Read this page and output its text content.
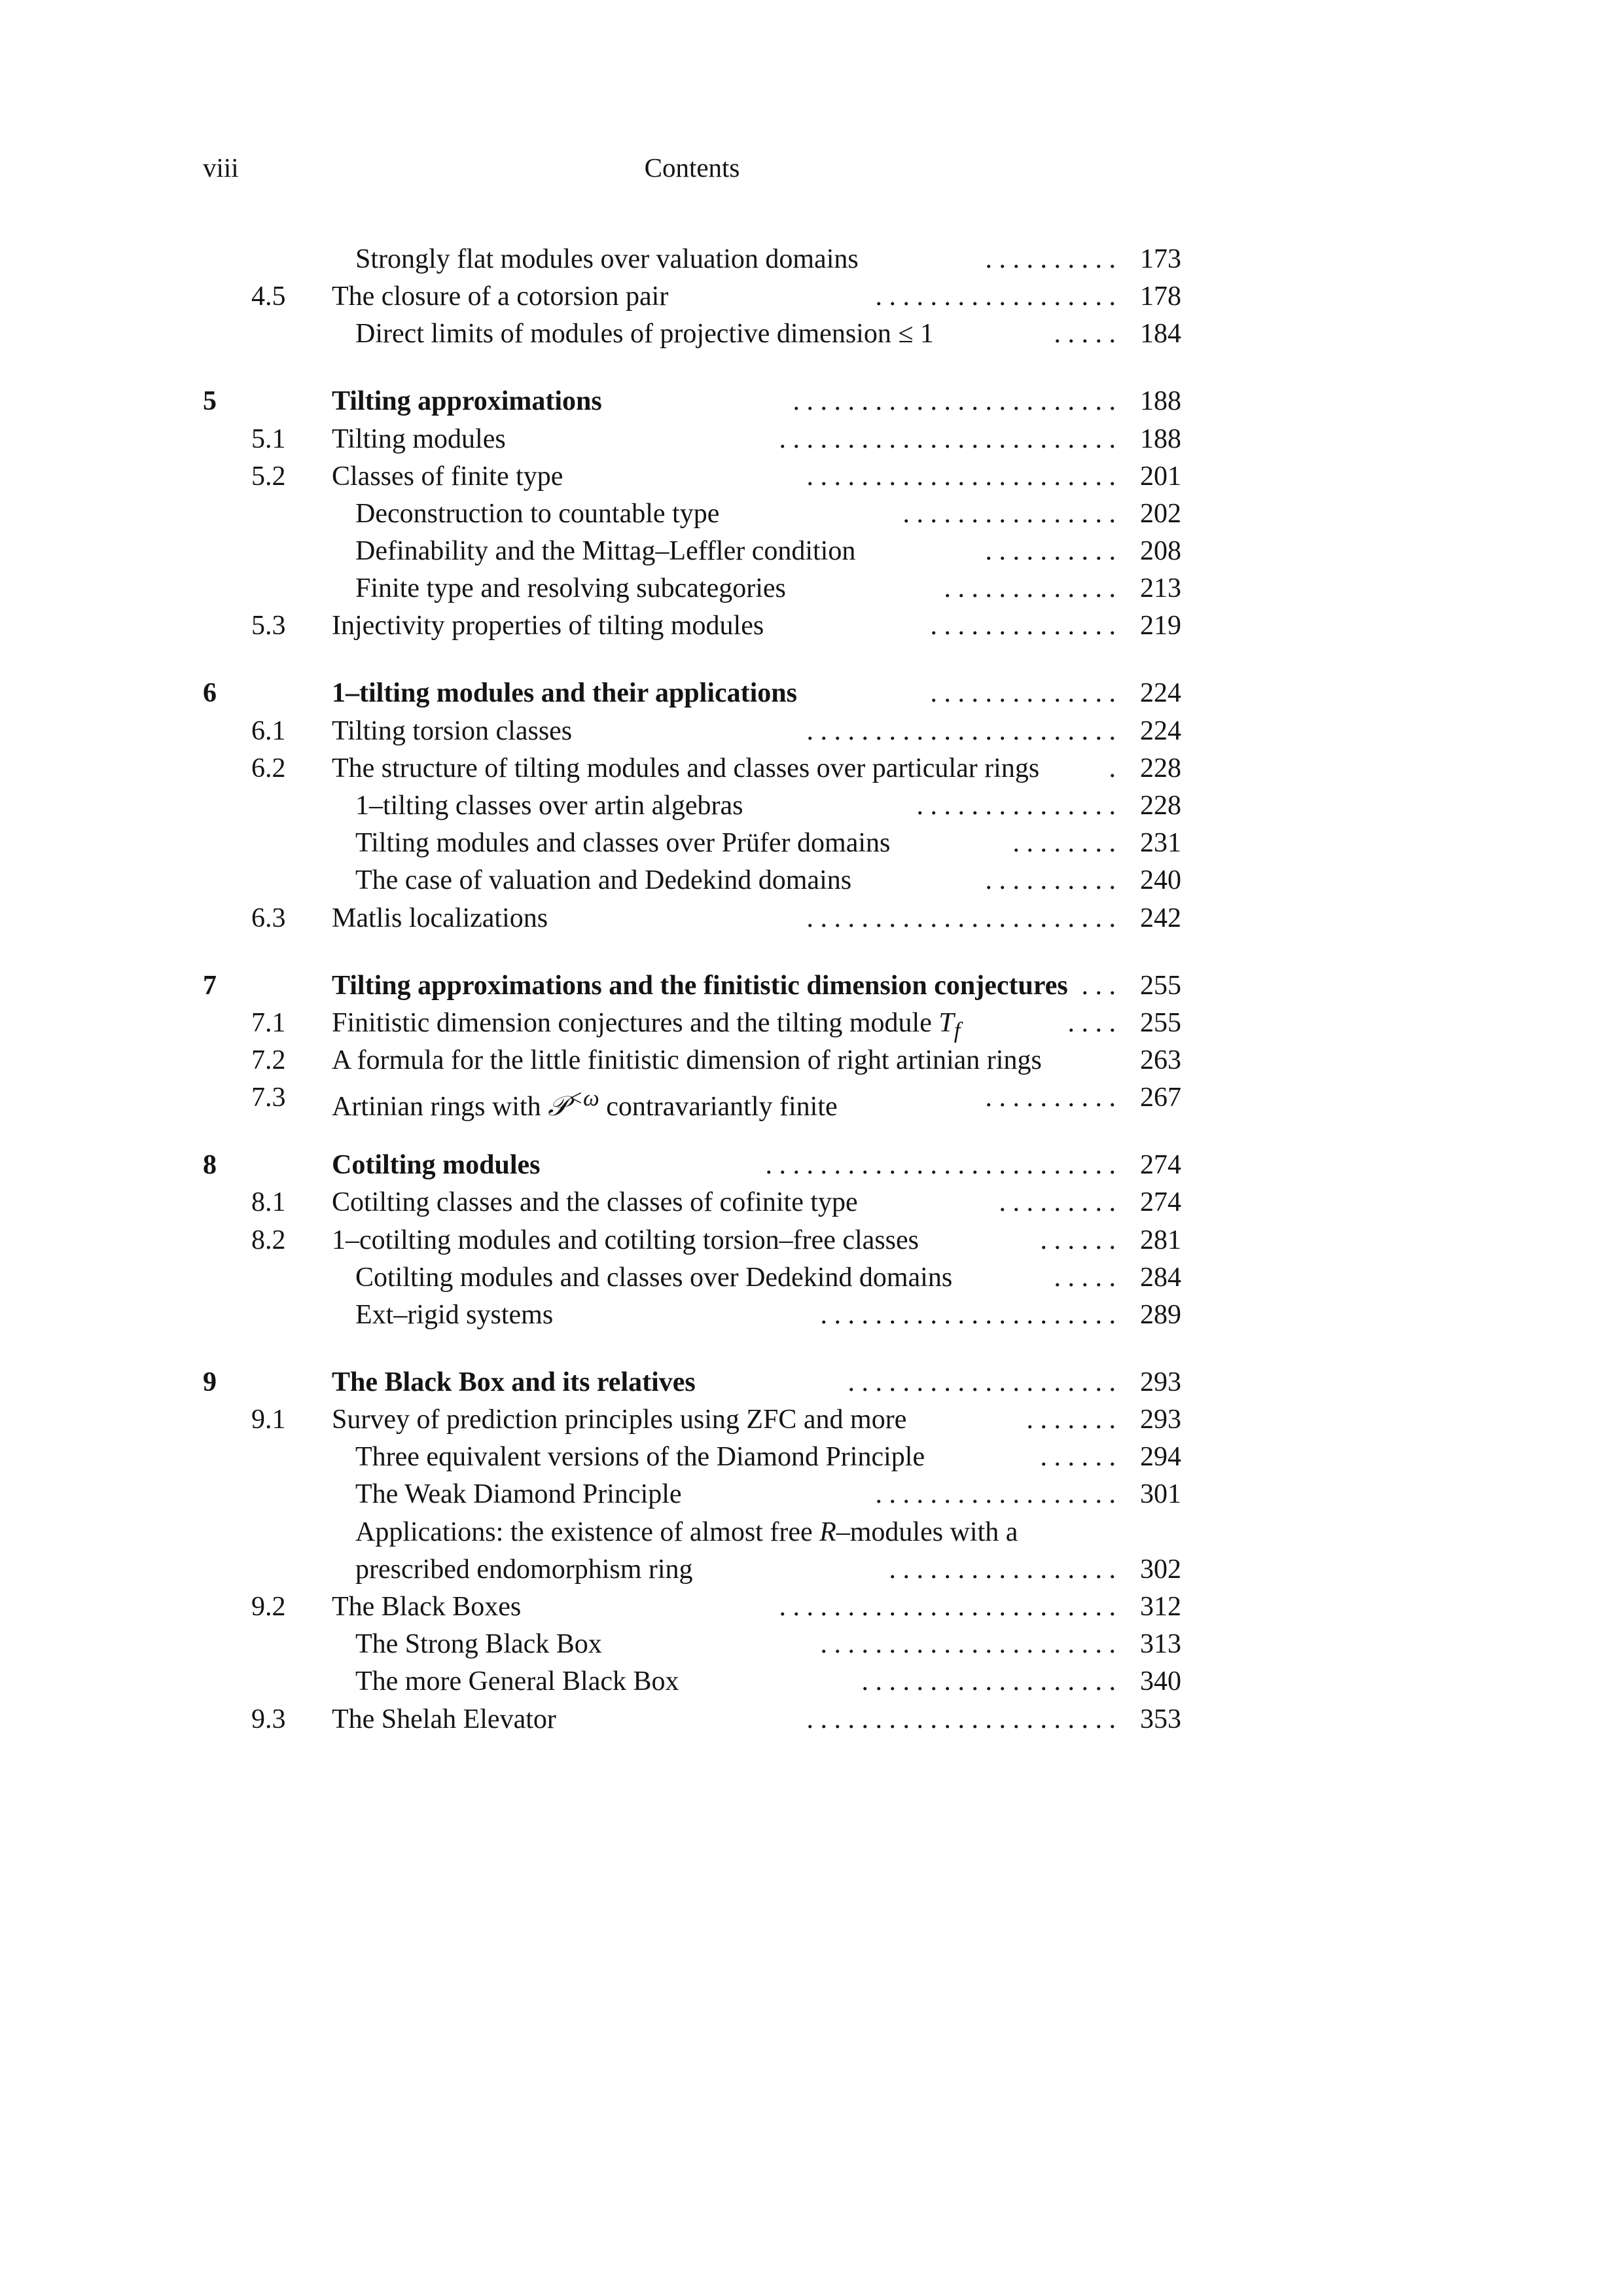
viii	Contents
Strongly flat modules over valuation domains	. . . . . . . . . . 173
4.5 The closure of a cotorsion pair	. . . . . . . . . . . . . . . . . . 178
Direct limits of modules of projective dimension ≤ 1	. . . . . 184
5	Tilting approximations	. . . . . . . . . . . . . . . . . . . . . . . . 188
5.1 Tilting modules	. . . . . . . . . . . . . . . . . . . . . . . . . 188
5.2 Classes of finite type	. . . . . . . . . . . . . . . . . . . . . . . 201
Deconstruction to countable type	. . . . . . . . . . . . . . . . 202
Definability and the Mittag–Leffler condition	. . . . . . . . . . 208
Finite type and resolving subcategories	. . . . . . . . . . . . . 213
5.3 Injectivity properties of tilting modules	. . . . . . . . . . . . . . 219
6	1–tilting modules and their applications	. . . . . . . . . . . . . . 224
6.1 Tilting torsion classes	. . . . . . . . . . . . . . . . . . . . . . . 224
6.2 The structure of tilting modules and classes over particular rings	. 228
1–tilting classes over artin algebras	. . . . . . . . . . . . . . . 228
Tilting modules and classes over Prüfer domains	. . . . . . . . 231
The case of valuation and Dedekind domains	. . . . . . . . . . 240
6.3 Matlis localizations	. . . . . . . . . . . . . . . . . . . . . . . 242
7	Tilting approximations and the finitistic dimension conjectures . . . 255
7.1 Finitistic dimension conjectures and the tilting module $T_f$	. . . . 255
7.2 A formula for the little finitistic dimension of right artinian rings	263
7.3 Artinian rings with 𝒫$^{<\omega}$ contravariantly finite	. . . . . . . . . . 267
8	Cotilting modules	. . . . . . . . . . . . . . . . . . . . . . . . . . 274
8.1 Cotilting classes and the classes of cofinite type	. . . . . . . . . 274
8.2 1–cotilting modules and cotilting torsion–free classes	. . . . . . 281
Cotilting modules and classes over Dedekind domains	. . . . . 284
Ext–rigid systems	. . . . . . . . . . . . . . . . . . . . . . 289
9	The Black Box and its relatives	. . . . . . . . . . . . . . . . . . . . 293
9.1 Survey of prediction principles using ZFC and more	. . . . . . . 293
Three equivalent versions of the Diamond Principle	. . . . . . 294
The Weak Diamond Principle	. . . . . . . . . . . . . . . . . . 301
Applications: the existence of almost free R–modules with a
prescribed endomorphism ring	. . . . . . . . . . . . . . . . . 302
9.2 The Black Boxes	. . . . . . . . . . . . . . . . . . . . . . . . . 312
The Strong Black Box	. . . . . . . . . . . . . . . . . . . . . . 313
The more General Black Box	. . . . . . . . . . . . . . . . . . . 340
9.3 The Shelah Elevator	. . . . . . . . . . . . . . . . . . . . . . . 353
